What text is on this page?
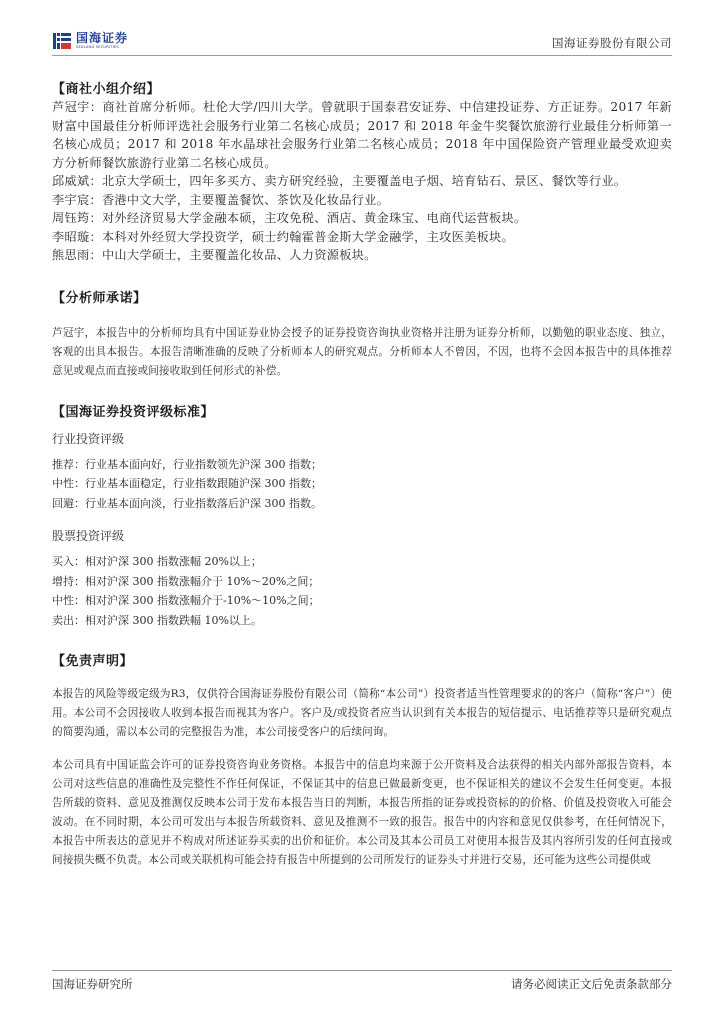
国海证券
SEALAND SECURITIES	国海证券股份有限公司
【商社小组介绍】

芦冠宇：商社首席分析师。杜伦大学/四川大学。曾就职于国泰君安证券、中信建投证券、方正证券。2017 年新财富中国最佳分析师评选社会服务行业第二名核心成员；2017 和 2018 年金牛奖餐饮旅游行业最佳分析师第一名核心成员；2017 和 2018 年水晶球社会服务行业第二名核心成员；2018 年中国保险资产管理业最受欢迎卖方分析师餐饮旅游行业第二名核心成员。

邱威斌：北京大学硕士，四年多买方、卖方研究经验，主要覆盖电子烟、培育钻石、景区、餐饮等行业。

李宇宸：香港中文大学，主要覆盖餐饮、茶饮及化妆品行业。

周钰筠：对外经济贸易大学金融本硕，主攻免税、酒店、黄金珠宝、电商代运营板块。

李昭璇：本科对外经贸大学投资学，硕士约翰霍普金斯大学金融学，主攻医美板块。

熊思雨：中山大学硕士，主要覆盖化妆品、人力资源板块。

【分析师承诺】

芦冠宇，本报告中的分析师均具有中国证券业协会授予的证券投资咨询执业资格并注册为证券分析师，以勤勉的职业态度、独立，客观的出具本报告。本报告清晰准确的反映了分析师本人的研究观点。分析师本人不曾因，不因，也将不会因本报告中的具体推荐意见或观点而直接或间接收取到任何形式的补偿。

【国海证券投资评级标准】
行业投资评级
推荐：行业基本面向好，行业指数领先沪深 300 指数；
中性：行业基本面稳定，行业指数跟随沪深 300 指数；
回避：行业基本面向淡，行业指数落后沪深 300 指数。
股票投资评级
买入：相对沪深 300 指数涨幅 20%以上；
增持：相对沪深 300 指数涨幅介于 10%～20%之间；
中性：相对沪深 300 指数涨幅介于-10%～10%之间；
卖出：相对沪深 300 指数跌幅 10%以上。
【免责声明】

本报告的风险等级定级为R3，仅供符合国海证券股份有限公司（简称“本公司”）投资者适当性管理要求的的客户（简称“客户”）使用。本公司不会因接收人收到本报告而视其为客户。客户及/或投资者应当认识到有关本报告的短信提示、电话推荐等只是研究观点的简要沟通，需以本公司的完整报告为准，本公司接受客户的后续问询。

本公司具有中国证监会许可的证券投资咨询业务资格。本报告中的信息均来源于公开资料及合法获得的相关内部外部报告资料，本公司对这些信息的准确性及完整性不作任何保证，不保证其中的信息已做最新变更，也不保证相关的建议不会发生任何变更。本报告所载的资料、意见及推测仅反映本公司于发布本报告当日的判断，本报告所指的证券或投资标的的价格、价值及投资收入可能会波动。在不同时期，本公司可发出与本报告所载资料、意见及推测不一致的报告。报告中的内容和意见仅供参考，在任何情况下，本报告中所表达的意见并不构成对所述证券买卖的出价和征价。本公司及其本公司员工对使用本报告及其内容所引发的任何直接或间接损失概不负责。本公司或关联机构可能会持有报告中所提到的公司所发行的证券头寸并进行交易，还可能为这些公司提供或

国海证券研究所	请务必阅读正文后免责条款部分
